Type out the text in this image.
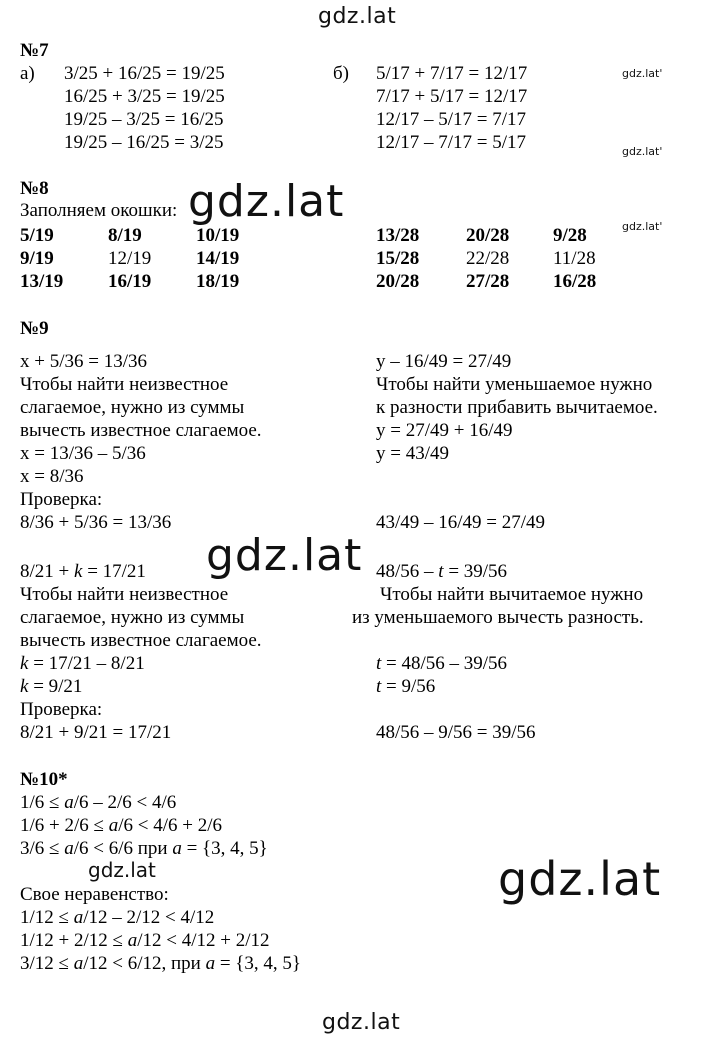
gdz.lat
gdz.lat'
gdz.lat'
gdz.lat'
gdz.lat
gdz.lat
gdz.lat	gdz.lat
gdz.lat
№7
а) 3/25 + 16/25 = 19/25
16/25 + 3/25 = 19/25
19/25 – 3/25 = 16/25
19/25 – 16/25 = 3/25
б) 5/17 + 7/17 = 12/17
7/17 + 5/17 = 12/17
12/17 – 5/17 = 7/17
12/17 – 7/17 = 5/17
№8
Заполняем окошки:
5/19	8/19	10/19
9/19	12/19 14/19
13/19 16/19 18/19
13/28 20/28 9/28
15/28 22/28 11/28
20/28 27/28 16/28
№9
x + 5/36 = 13/36
Чтобы найти неизвестное
слагаемое, нужно из суммы
вычесть известное слагаемое.
x = 13/36 – 5/36
x = 8/36
Проверка:
8/36 + 5/36 = 13/36
y – 16/49 = 27/49
Чтобы найти уменьшаемое нужно
к разности прибавить вычитаемое.
y = 27/49 + 16/49
y = 43/49
43/49 – 16/49 = 27/49
8/21 + k = 17/21
Чтобы найти неизвестное
слагаемое, нужно из суммы
вычесть известное слагаемое.
k = 17/21 – 8/21
k = 9/21
Проверка:
8/21 + 9/21 = 17/21
48/56 – t = 39/56
Чтобы найти вычитаемое нужно
из уменьшаемого вычесть разность.
t = 48/56 – 39/56
t = 9/56
48/56 – 9/56 = 39/56
№10*
1/6 ≤ a/6 – 2/6 < 4/6
1/6 + 2/6 ≤ a/6 < 4/6 + 2/6
3/6 ≤ a/6 < 6/6 при a = {3, 4, 5}
Свое неравенство:
1/12 ≤ a/12 – 2/12 < 4/12
1/12 + 2/12 ≤ a/12 < 4/12 + 2/12
3/12 ≤ a/12 < 6/12, при a = {3, 4, 5}
